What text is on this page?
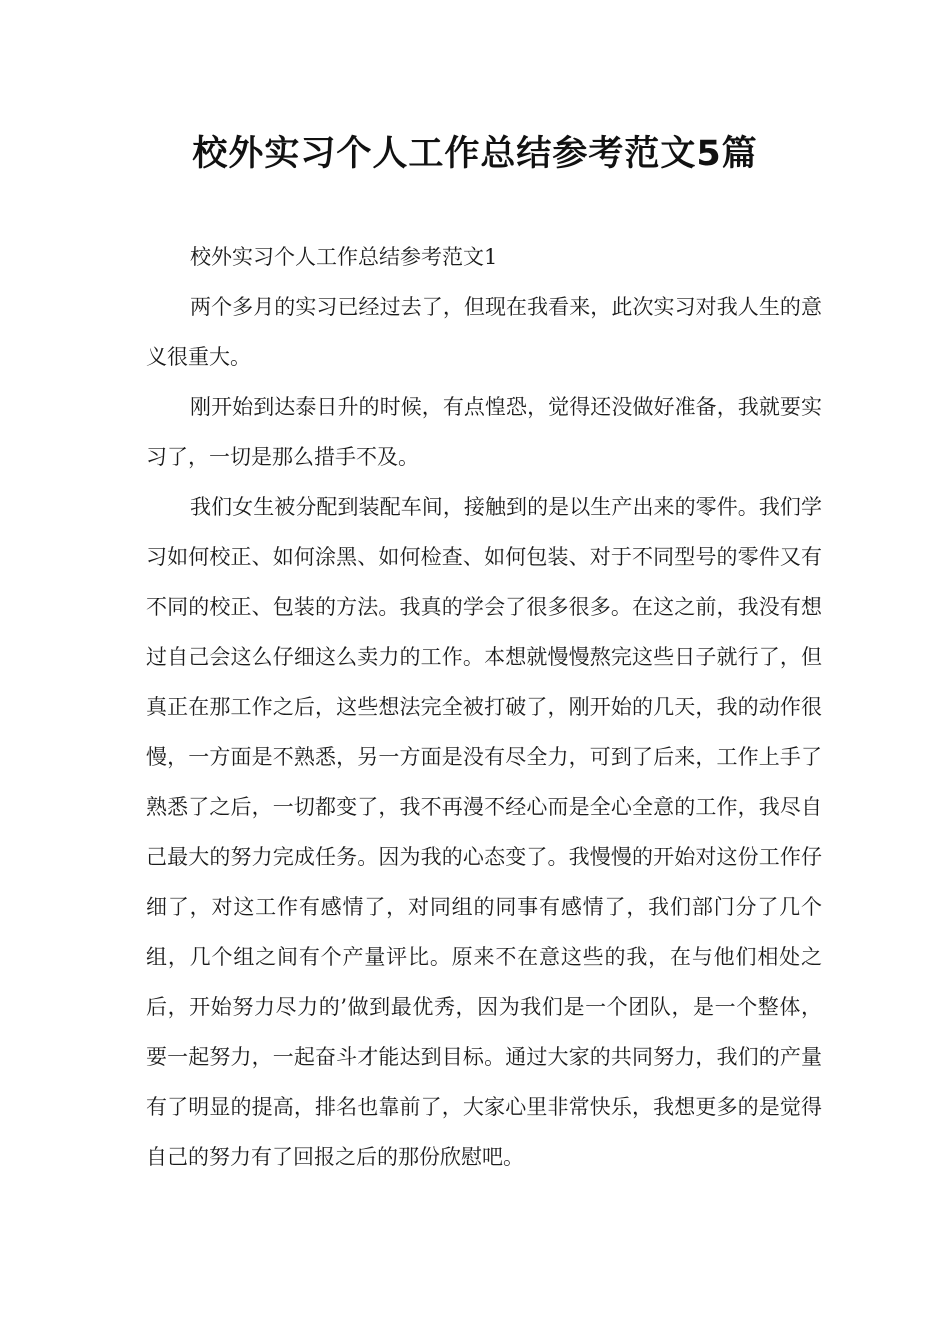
校外实习个人工作总结参考范文5篇

校外实习个人工作总结参考范文1

两个多月的实习已经过去了，但现在我看来，此次实习对我人生的意义很重大。

刚开始到达泰日升的时候，有点惶恐，觉得还没做好准备，我就要实习了，一切是那么措手不及。

我们女生被分配到装配车间，接触到的是以生产出来的零件。我们学习如何校正、如何涂黑、如何检查、如何包装、对于不同型号的零件又有不同的校正、包装的方法。我真的学会了很多很多。在这之前，我没有想过自己会这么仔细这么卖力的工作。本想就慢慢熬完这些日子就行了，但真正在那工作之后，这些想法完全被打破了，刚开始的几天，我的动作很慢，一方面是不熟悉，另一方面是没有尽全力，可到了后来，工作上手了熟悉了之后，一切都变了，我不再漫不经心而是全心全意的工作，我尽自己最大的努力完成任务。因为我的心态变了。我慢慢的开始对这份工作仔细了，对这工作有感情了，对同组的同事有感情了，我们部门分了几个组，几个组之间有个产量评比。原来不在意这些的我，在与他们相处之后，开始努力尽力的’做到最优秀，因为我们是一个团队，是一个整体，要一起努力，一起奋斗才能达到目标。通过大家的共同努力，我们的产量有了明显的提高，排名也靠前了，大家心里非常快乐，我想更多的是觉得自己的努力有了回报之后的那份欣慰吧。
